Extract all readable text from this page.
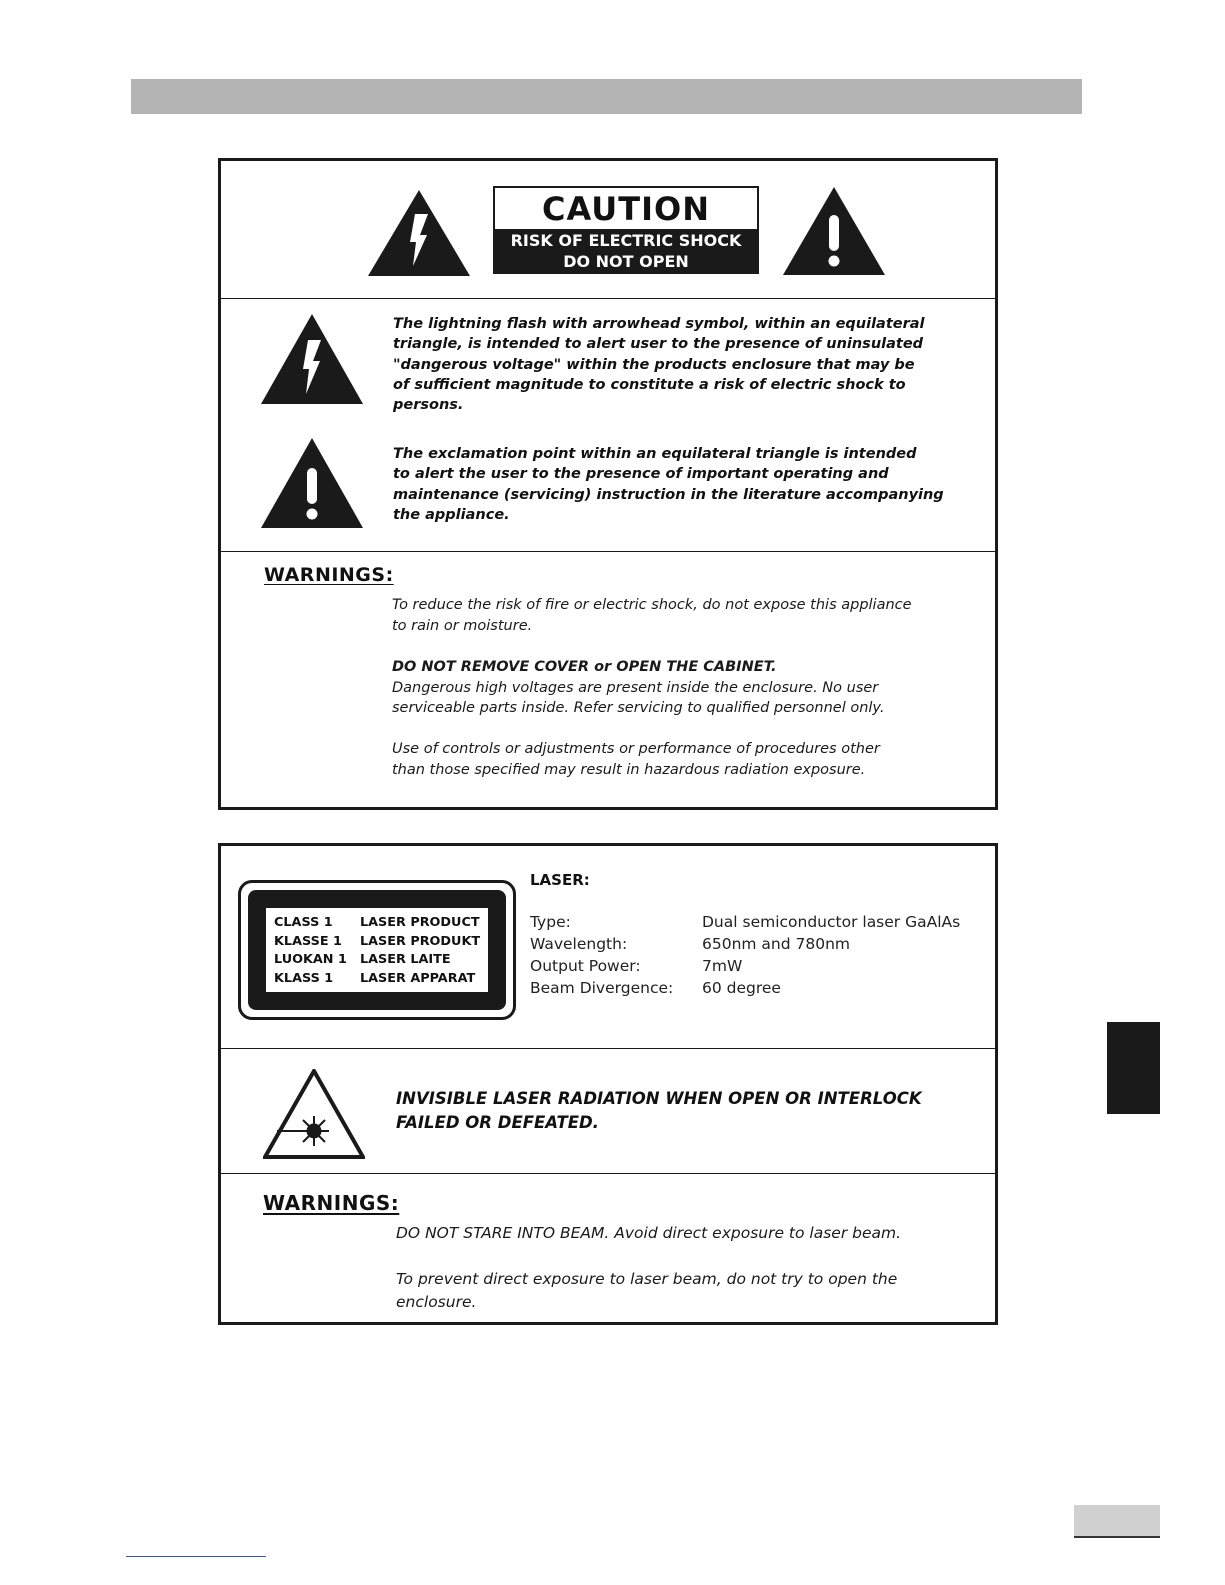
CAUTION
RISK OF ELECTRIC SHOCK
DO NOT OPEN
The lightning flash with arrowhead symbol, within an equilateral
triangle, is intended to alert user to the presence of uninsulated
"dangerous voltage" within the products enclosure that may be
of sufficient magnitude to constitute a risk of electric shock to
persons.
The exclamation point within an equilateral triangle is intended
to alert the user to the presence of important operating and
maintenance (servicing) instruction in the literature accompanying
the appliance.
WARNINGS:
To reduce the risk of fire or electric shock, do not expose this appliance
to rain or moisture.
DO NOT REMOVE COVER or OPEN THE CABINET.
Dangerous high voltages are present inside the enclosure. No user
serviceable parts inside. Refer servicing to qualified personnel only.
Use of controls or adjustments or performance of procedures other
than those specified may result in hazardous radiation exposure.
CLASS 1	LASER PRODUCT
KLASSE 1	LASER PRODUKT
LUOKAN 1	LASER LAITE
KLASS 1	LASER APPARAT
LASER:
Type:	Dual semiconductor laser GaAlAs
Wavelength:	650nm and 780nm
Output Power:	7mW
Beam Divergence:	60 degree
INVISIBLE LASER RADIATION WHEN OPEN OR INTERLOCK
FAILED OR DEFEATED.
WARNINGS:
DO NOT STARE INTO BEAM. Avoid direct exposure to laser beam.
To prevent direct exposure to laser beam, do not try to open the
enclosure.
